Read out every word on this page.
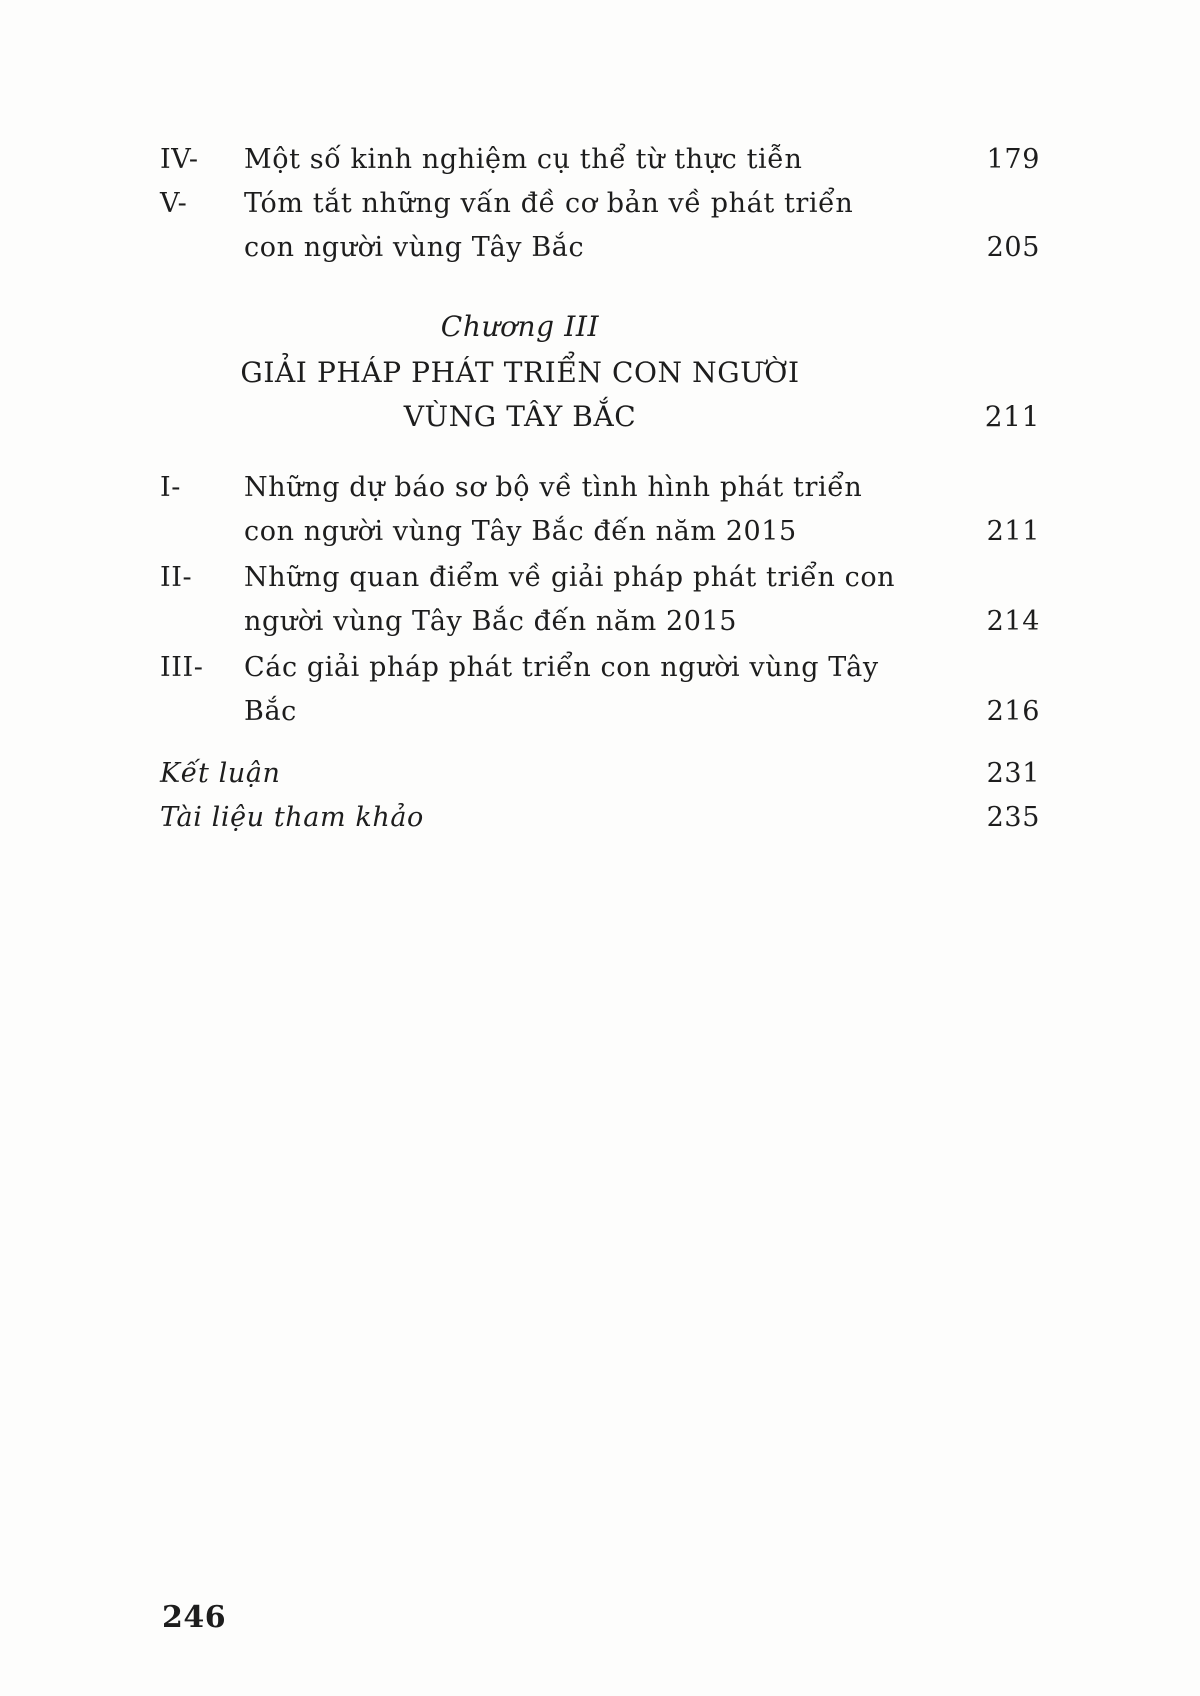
IV- Một số kinh nghiệm cụ thể từ thực tiễn	179
V- Tóm tắt những vấn đề cơ bản về phát triển
con người vùng Tây Bắc	205
Chương III
GIẢI PHÁP PHÁT TRIỂN CON NGƯỜI
VÙNG TÂY BẮC	211
I- Những dự báo sơ bộ về tình hình phát triển
con người vùng Tây Bắc đến năm 2015	211
II- Những quan điểm về giải pháp phát triển con
người vùng Tây Bắc đến năm 2015	214
III- Các giải pháp phát triển con người vùng Tây
Bắc	216
Kết luận	231
Tài liệu tham khảo	235
246
